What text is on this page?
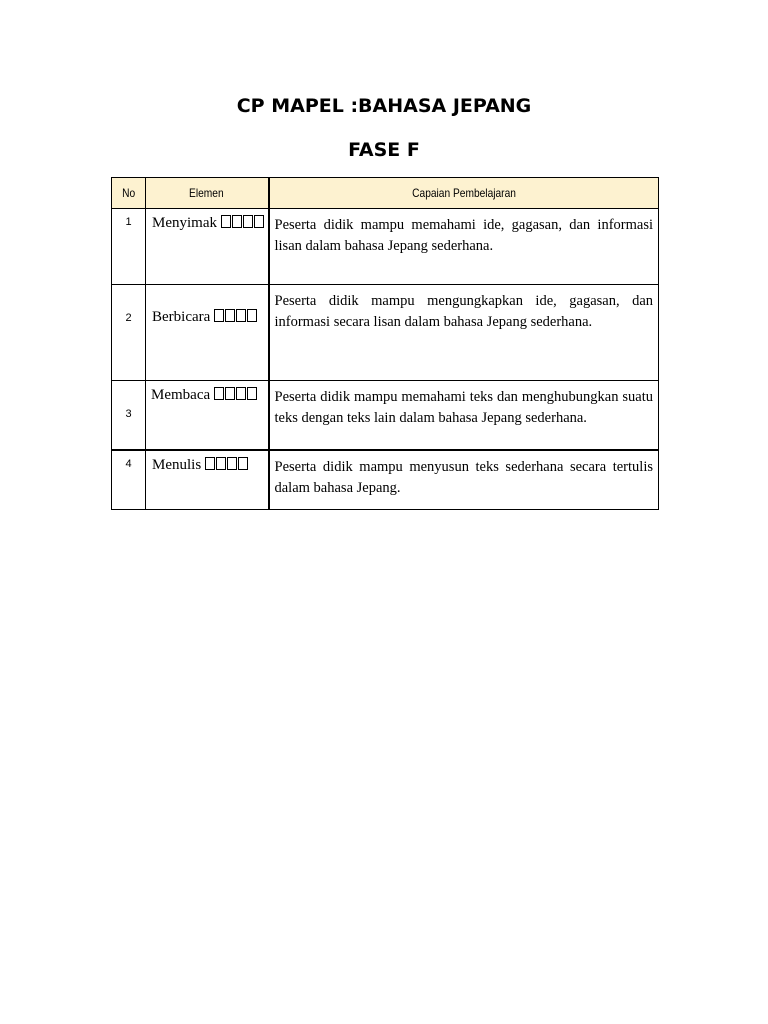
CP MAPEL :BAHASA JEPANG
FASE F
No	Elemen	Capaian Pembelajaran
1	Menyimak	Peserta didik mampu memahami ide, gagasan, dan informasi lisan dalam bahasa Jepang sederhana.
2	Berbicara	Peserta didik mampu mengungkapkan ide, gagasan, dan informasi secara lisan dalam bahasa Jepang sederhana.
3	Membaca	Peserta didik mampu memahami teks dan menghubungkan suatu teks dengan teks lain dalam bahasa Jepang sederhana.
4	Menulis	Peserta didik mampu menyusun teks sederhana secara tertulis dalam bahasa Jepang.
